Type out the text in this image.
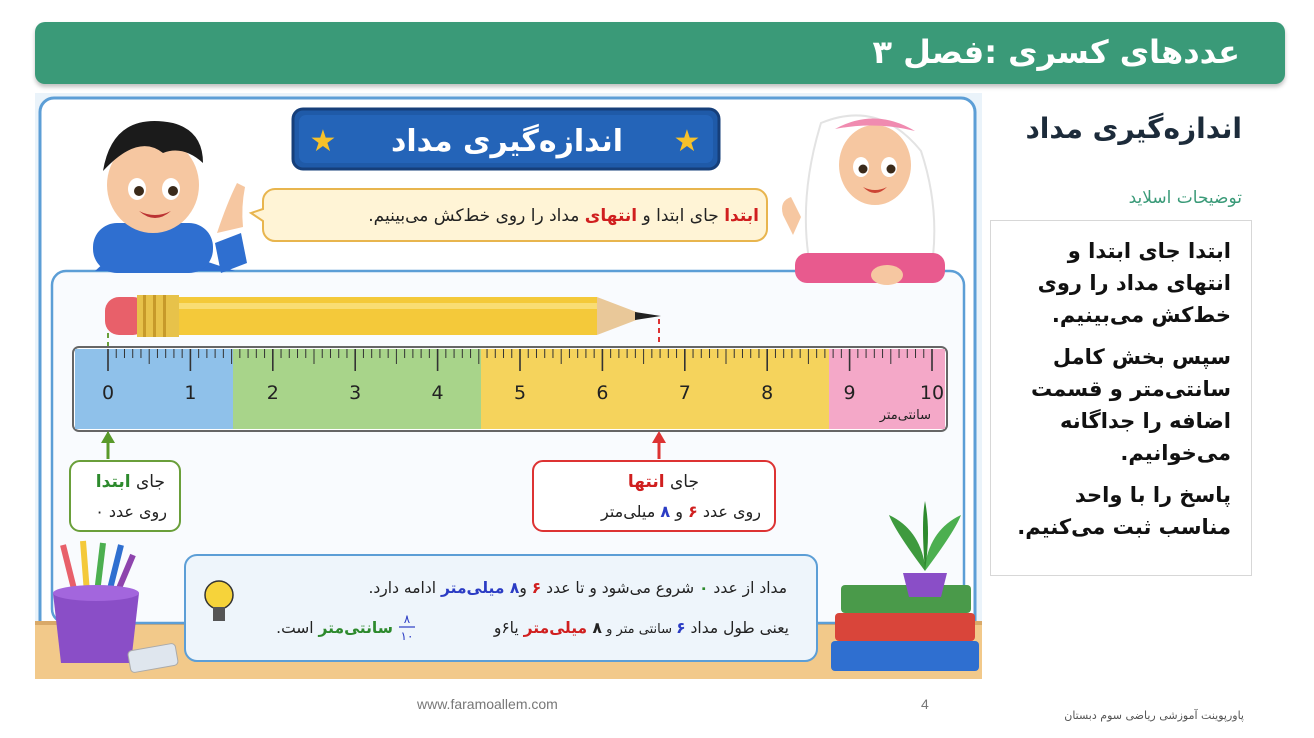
عددهای کسری :فصل ۳
★	★
اندازه‌گیری مداد
ابتدا جای ابتدا و انتهای مداد را روی خط‌کش می‌بینیم.
0	1	2	3	4	5	6	7	8	9	10
سانتی‌متر
جای ابتدا
روی عدد ۰
جای انتها
روی عدد ۶ و ۸ میلی‌متر
مداد از عدد ۰ شروع می‌شود و تا عدد ۶ و۸ میلی‌متر ادامه دارد.
یعنی طول مداد ۶ سانتی متر و ۸ میلی‌متر یا۶و
۸
۱۰
سانتی‌متر است.
اندازه‌گیری مداد
توضیحات اسلاید

ابتدا جای ابتدا و انتهای مداد را روی خط‌کش می‌بینیم.

سپس بخش کامل سانتی‌متر و قسمت اضافه را جداگانه می‌خوانیم.

پاسخ را با واحد مناسب ثبت می‌کنیم.

www.faramoallem.com	4
پاورپوینت آموزشی ریاضی سوم دبستان
